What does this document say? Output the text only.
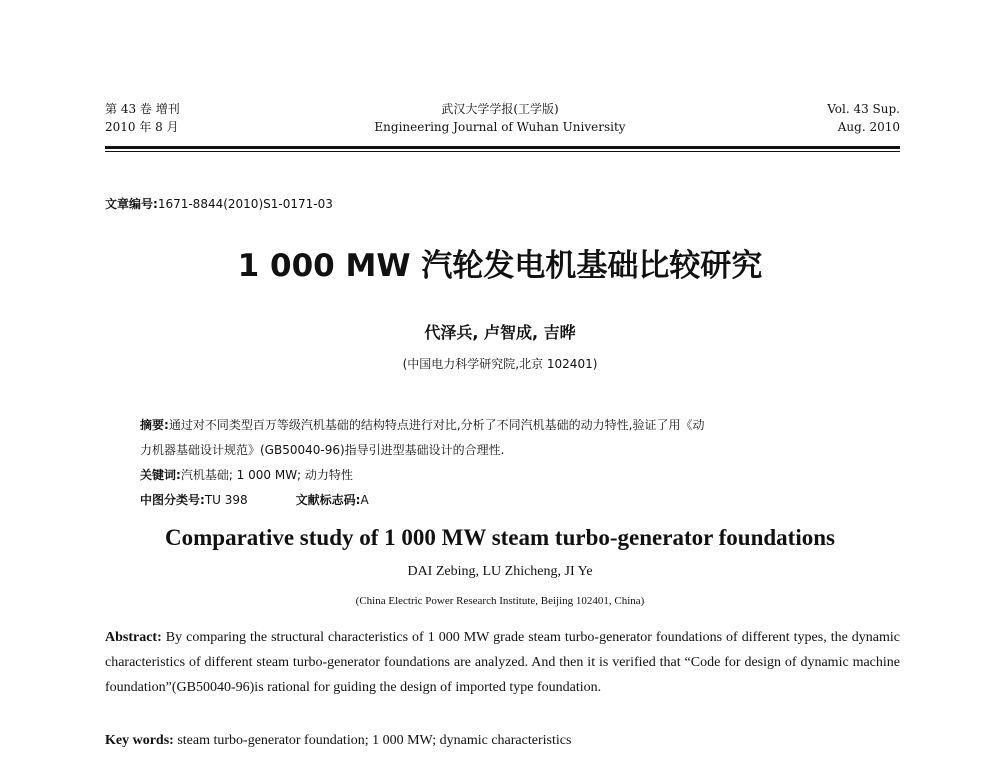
第 43 卷 增刊
2010 年 8 月
武汉大学学报(工学版)
Engineering Journal of Wuhan University
Vol. 43 Sup.
Aug. 2010
文章编号:1671-8844(2010)S1-0171-03
1 000 MW 汽轮发电机基础比较研究
代泽兵, 卢智成, 吉晔
(中国电力科学研究院,北京 102401)
摘要:通过对不同类型百万等级汽机基础的结构特点进行对比,分析了不同汽机基础的动力特性,验证了用《动
力机器基础设计规范》(GB50040-96)指导引进型基础设计的合理性.
关键词:汽机基础; 1 000 MW; 动力特性
中图分类号:TU 398	文献标志码:A
Comparative study of 1 000 MW steam turbo-generator foundations
DAI Zebing, LU Zhicheng, JI Ye
(China Electric Power Research Institute, Beijing 102401, China)
Abstract: By comparing the structural characteristics of 1 000 MW grade steam turbo-generator foundations of different types, the dynamic characteristics of different steam turbo-generator foundations are analyzed. And then it is verified that “Code for design of dynamic machine foundation”(GB50040-96)is rational for guiding the design of imported type foundation.
Key words: steam turbo-generator foundation; 1 000 MW; dynamic characteristics
